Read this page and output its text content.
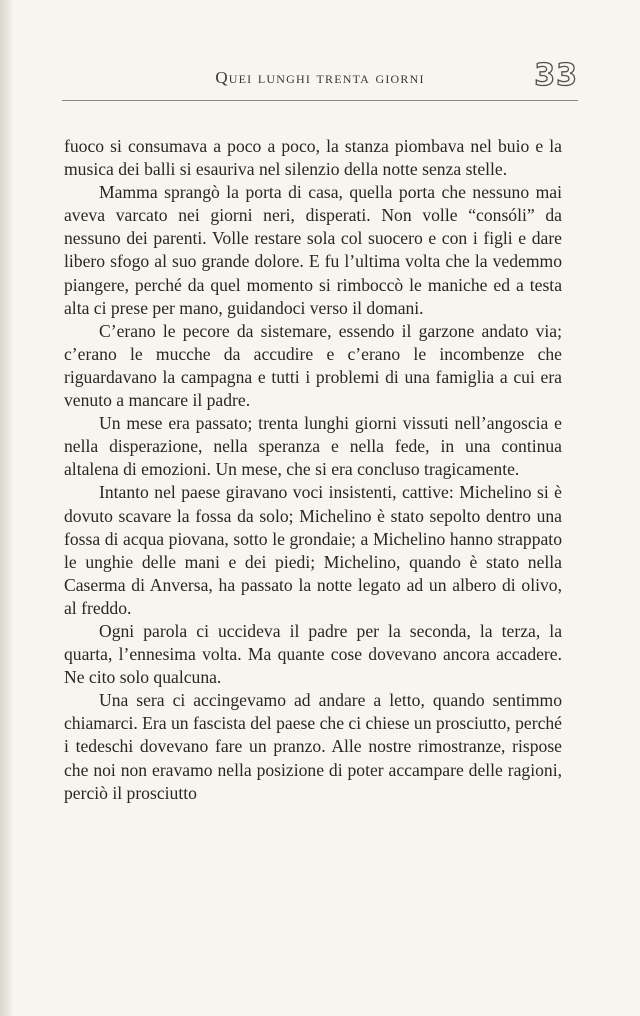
Quei lunghi trenta giorni	33

fuoco si consumava a poco a poco, la stanza piombava nel buio e la musica dei balli si esauriva nel silenzio della notte senza stelle.

Mamma sprangò la porta di casa, quella porta che nessuno mai aveva varcato nei giorni neri, disperati. Non volle “consóli” da nessuno dei parenti. Volle restare sola col suocero e con i figli e dare libero sfogo al suo grande dolore. E fu l’ultima volta che la vedemmo piangere, perché da quel momento si rimboccò le maniche ed a testa alta ci prese per mano, guidandoci verso il domani.

C’erano le pecore da sistemare, essendo il garzone andato via; c’erano le mucche da accudire e c’erano le incombenze che riguardavano la campagna e tutti i problemi di una famiglia a cui era venuto a mancare il padre.

Un mese era passato; trenta lunghi giorni vissuti nell’angoscia e nella disperazione, nella speranza e nella fede, in una continua altalena di emozioni. Un mese, che si era concluso tragicamente.

Intanto nel paese giravano voci insistenti, cattive: Michelino si è dovuto scavare la fossa da solo; Michelino è stato sepolto dentro una fossa di acqua piovana, sotto le grondaie; a Michelino hanno strappato le unghie delle mani e dei piedi; Michelino, quando è stato nella Caserma di Anversa, ha passato la notte legato ad un albero di olivo, al freddo.

Ogni parola ci uccideva il padre per la seconda, la terza, la quarta, l’ennesima volta. Ma quante cose dovevano ancora accadere. Ne cito solo qualcuna.

Una sera ci accingevamo ad andare a letto, quando sentimmo chiamarci. Era un fascista del paese che ci chiese un prosciutto, perché i tedeschi dovevano fare un pranzo. Alle nostre rimostranze, rispose che noi non eravamo nella posizione di poter accampare delle ragioni, perciò il prosciutto
